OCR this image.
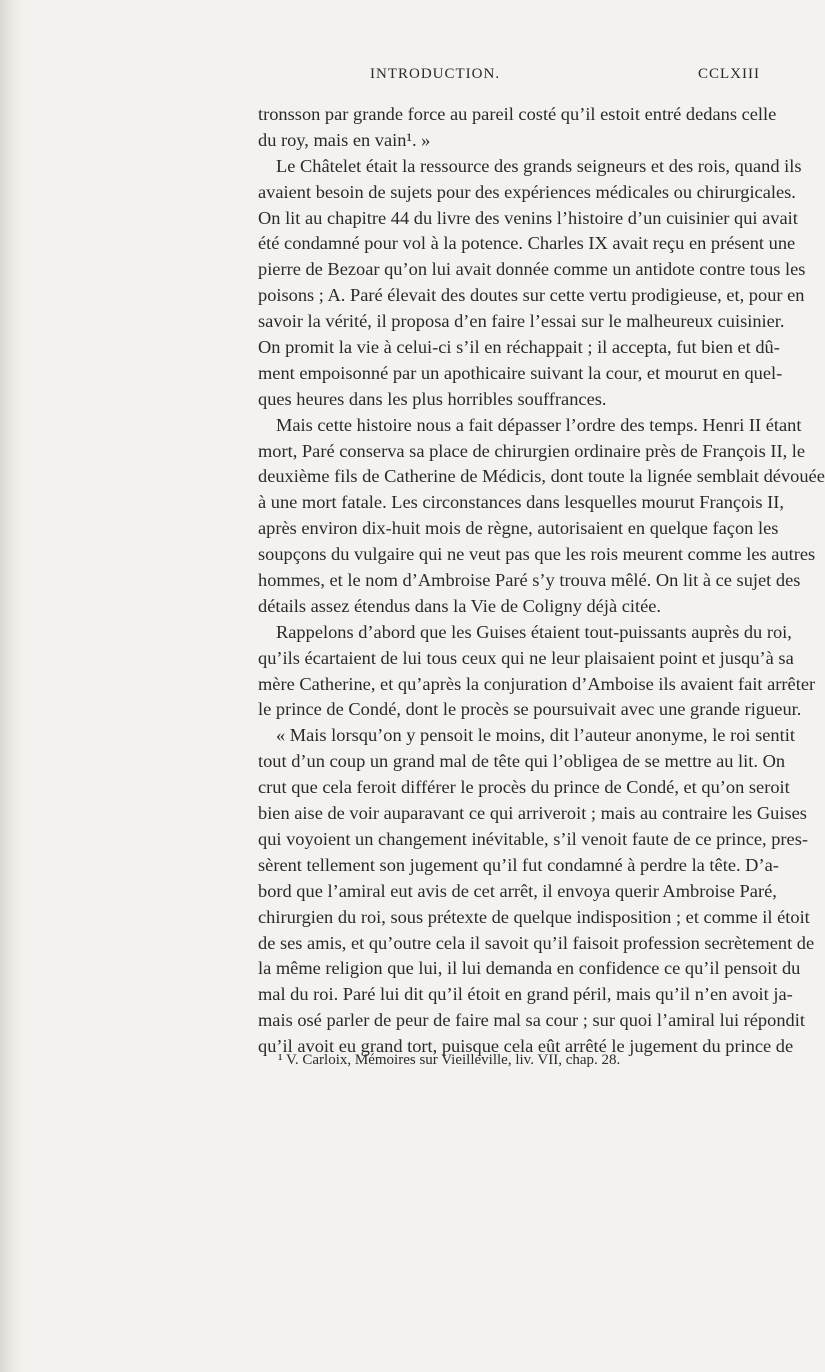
INTRODUCTION.	CCLXIII
tronsson par grande force au pareil costé qu’il estoit entré dedans celle
du roy, mais en vain¹. »
Le Châtelet était la ressource des grands seigneurs et des rois, quand ils
avaient besoin de sujets pour des expériences médicales ou chirurgicales.
On lit au chapitre 44 du livre des venins l’histoire d’un cuisinier qui avait
été condamné pour vol à la potence. Charles IX avait reçu en présent une
pierre de Bezoar qu’on lui avait donnée comme un antidote contre tous les
poisons ; A. Paré élevait des doutes sur cette vertu prodigieuse, et, pour en
savoir la vérité, il proposa d’en faire l’essai sur le malheureux cuisinier.
On promit la vie à celui-ci s’il en réchappait ; il accepta, fut bien et dû-
ment empoisonné par un apothicaire suivant la cour, et mourut en quel-
ques heures dans les plus horribles souffrances.
Mais cette histoire nous a fait dépasser l’ordre des temps. Henri II étant
mort, Paré conserva sa place de chirurgien ordinaire près de François II, le
deuxième fils de Catherine de Médicis, dont toute la lignée semblait dévouée
à une mort fatale. Les circonstances dans lesquelles mourut François II,
après environ dix-huit mois de règne, autorisaient en quelque façon les
soupçons du vulgaire qui ne veut pas que les rois meurent comme les autres
hommes, et le nom d’Ambroise Paré s’y trouva mêlé. On lit à ce sujet des
détails assez étendus dans la Vie de Coligny déjà citée.
Rappelons d’abord que les Guises étaient tout-puissants auprès du roi,
qu’ils écartaient de lui tous ceux qui ne leur plaisaient point et jusqu’à sa
mère Catherine, et qu’après la conjuration d’Amboise ils avaient fait arrêter
le prince de Condé, dont le procès se poursuivait avec une grande rigueur.
« Mais lorsqu’on y pensoit le moins, dit l’auteur anonyme, le roi sentit
tout d’un coup un grand mal de tête qui l’obligea de se mettre au lit. On
crut que cela feroit différer le procès du prince de Condé, et qu’on seroit
bien aise de voir auparavant ce qui arriveroit ; mais au contraire les Guises
qui voyoient un changement inévitable, s’il venoit faute de ce prince, pres-
sèrent tellement son jugement qu’il fut condamné à perdre la tête. D’a-
bord que l’amiral eut avis de cet arrêt, il envoya querir Ambroise Paré,
chirurgien du roi, sous prétexte de quelque indisposition ; et comme il étoit
de ses amis, et qu’outre cela il savoit qu’il faisoit profession secrètement de
la même religion que lui, il lui demanda en confidence ce qu’il pensoit du
mal du roi. Paré lui dit qu’il étoit en grand péril, mais qu’il n’en avoit ja-
mais osé parler de peur de faire mal sa cour ; sur quoi l’amiral lui répondit
qu’il avoit eu grand tort, puisque cela eût arrêté le jugement du prince de
¹ V. Carloix, Mémoires sur Vieilleville, liv. VII, chap. 28.
